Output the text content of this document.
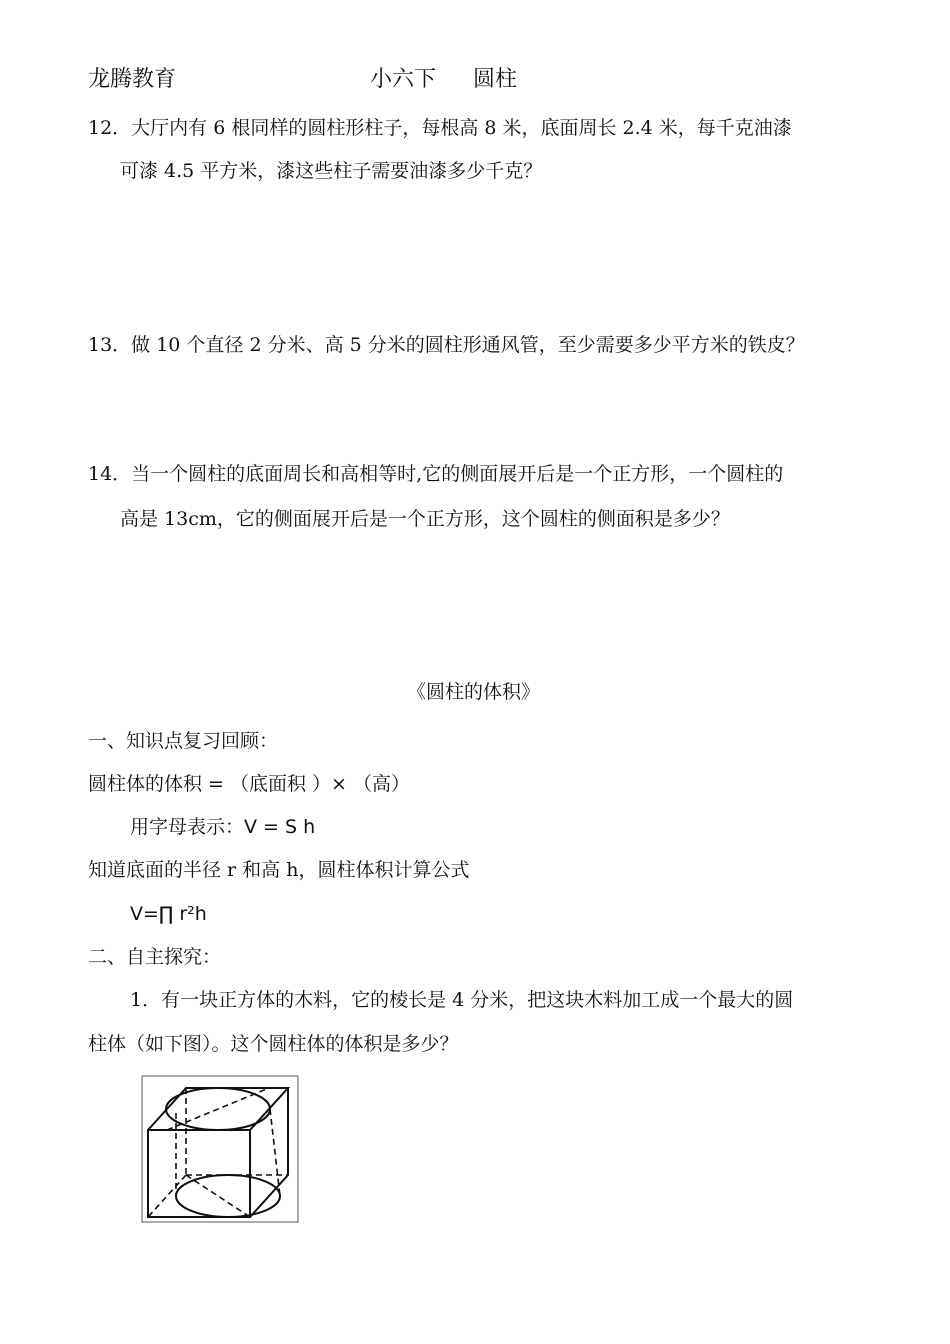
龙腾教育	小六下 圆柱
12．大厅内有 6 根同样的圆柱形柱子，每根高 8 米，底面周长 2.4 米，每千克油漆
可漆 4.5 平方米，漆这些柱子需要油漆多少千克？
13．做 10 个直径 2 分米、高 5 分米的圆柱形通风管，至少需要多少平方米的铁皮？
14．当一个圆柱的底面周长和高相等时,它的侧面展开后是一个正方形，一个圆柱的
高是 13cm，它的侧面展开后是一个正方形，这个圆柱的侧面积是多少？
《圆柱的体积》
一、知识点复习回顾：
圆柱体的体积 = （底面积 ）× （高）
用字母表示：V = S h
知道底面的半径 r 和高 h，圆柱体积计算公式
V=∏ r²h
二、自主探究：
1．有一块正方体的木料，它的棱长是 4 分米，把这块木料加工成一个最大的圆
柱体（如下图）。这个圆柱体的体积是多少？
